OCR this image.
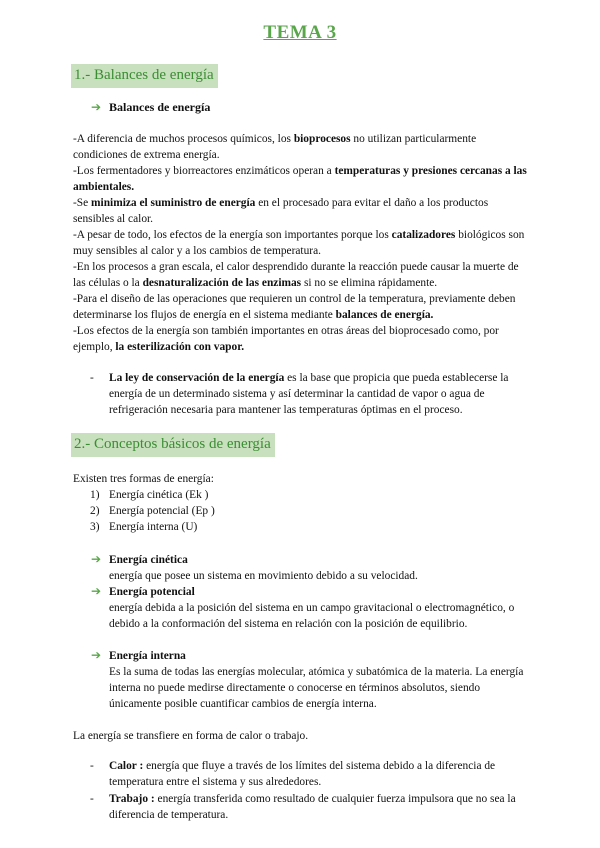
TEMA 3
1.- Balances de energía
➔ Balances de energía

-A diferencia de muchos procesos químicos, los bioprocesos no utilizan particularmente condiciones de extrema energía.

-Los fermentadores y biorreactores enzimáticos operan a temperaturas y presiones cercanas a las ambientales.

-Se minimiza el suministro de energía en el procesado para evitar el daño a los productos sensibles al calor.

-A pesar de todo, los efectos de la energía son importantes porque los catalizadores biológicos son muy sensibles al calor y a los cambios de temperatura.

-En los procesos a gran escala, el calor desprendido durante la reacción puede causar la muerte de las células o la desnaturalización de las enzimas si no se elimina rápidamente.

-Para el diseño de las operaciones que requieren un control de la temperatura, previamente deben determinarse los flujos de energía en el sistema mediante balances de energía.

-Los efectos de la energía son también importantes en otras áreas del bioprocesado como, por ejemplo, la esterilización con vapor.

- La ley de conservación de la energía es la base que propicia que pueda establecerse la energía de un determinado sistema y así determinar la cantidad de vapor o agua de refrigeración necesaria para mantener las temperaturas óptimas en el proceso.
2.- Conceptos básicos de energía
Existen tres formas de energía:
1) Energía cinética (Ek )
2) Energía potencial (Ep )
3) Energía interna (U)
➔ Energía cinética
energía que posee un sistema en movimiento debido a su velocidad.
➔ Energía potencial
energía debida a la posición del sistema en un campo gravitacional o electromagnético, o debido a la conformación del sistema en relación con la posición de equilibrio.
➔ Energía interna
Es la suma de todas las energías molecular, atómica y subatómica de la materia. La energía interna no puede medirse directamente o conocerse en términos absolutos, siendo únicamente posible cuantificar cambios de energía interna.
La energía se transfiere en forma de calor o trabajo.
- Calor : energía que fluye a través de los límites del sistema debido a la diferencia de temperatura entre el sistema y sus alrededores.
- Trabajo : energía transferida como resultado de cualquier fuerza impulsora que no sea la diferencia de temperatura.
